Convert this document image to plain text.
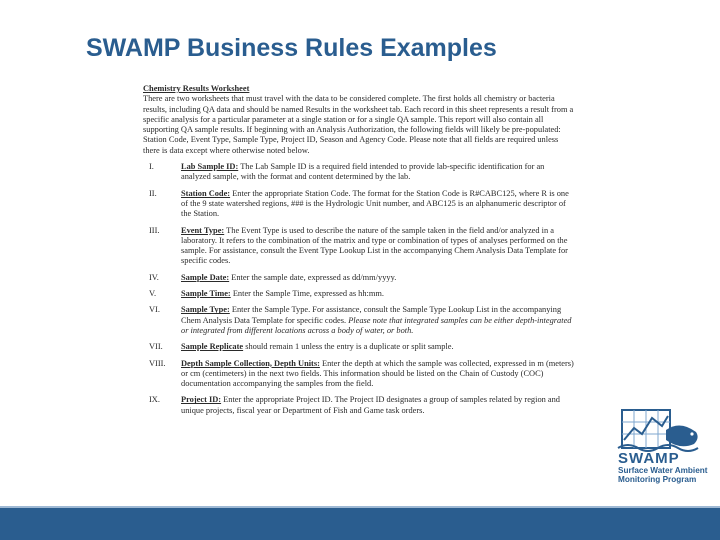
SWAMP Business Rules Examples
Chemistry Results Worksheet

There are two worksheets that must travel with the data to be considered complete. The first holds all chemistry or bacteria results, including QA data and should be named Results in the worksheet tab. Each record in this sheet represents a result from a specific analysis for a particular parameter at a single station or for a single QA sample. This report will also contain all supporting QA sample results. If beginning with an Analysis Authorization, the following fields will likely be pre-populated: Station Code, Event Type, Sample Type, Project ID, Season and Agency Code. Please note that all fields are required unless there is data except where otherwise noted below.

I.	Lab Sample ID: The Lab Sample ID is a required field intended to provide lab-specific identification for an analyzed sample, with the format and content determined by the lab.
II.	Station Code: Enter the appropriate Station Code. The format for the Station Code is R#CABC125, where R is one of the 9 state watershed regions, ### is the Hydrologic Unit number, and ABC125 is an alphanumeric descriptor of the Station.
III.	Event Type: The Event Type is used to describe the nature of the sample taken in the field and/or analyzed in a laboratory. It refers to the combination of the matrix and type or combination of types of analyses performed on the sample. For assistance, consult the Event Type Lookup List in the accompanying Chem Analysis Data Template for specific codes.
IV.	Sample Date: Enter the sample date, expressed as dd/mm/yyyy.
V.	Sample Time: Enter the Sample Time, expressed as hh:mm.
VI.	Sample Type: Enter the Sample Type. For assistance, consult the Sample Type Lookup List in the accompanying Chem Analysis Data Template for specific codes. Please note that integrated samples can be either depth-integrated or integrated from different locations across a body of water, or both.
VII.	Sample Replicate should remain 1 unless the entry is a duplicate or split sample.
VIII.	Depth Sample Collection, Depth Units: Enter the depth at which the sample was collected, expressed in m (meters) or cm (centimeters) in the next two fields. This information should be listed on the Chain of Custody (COC) documentation accompanying the samples from the field.
IX.	Project ID: Enter the appropriate Project ID. The Project ID designates a group of samples related by region and unique projects, fiscal year or Department of Fish and Game task orders.
SWAMP
Surface Water Ambient Monitoring Program
